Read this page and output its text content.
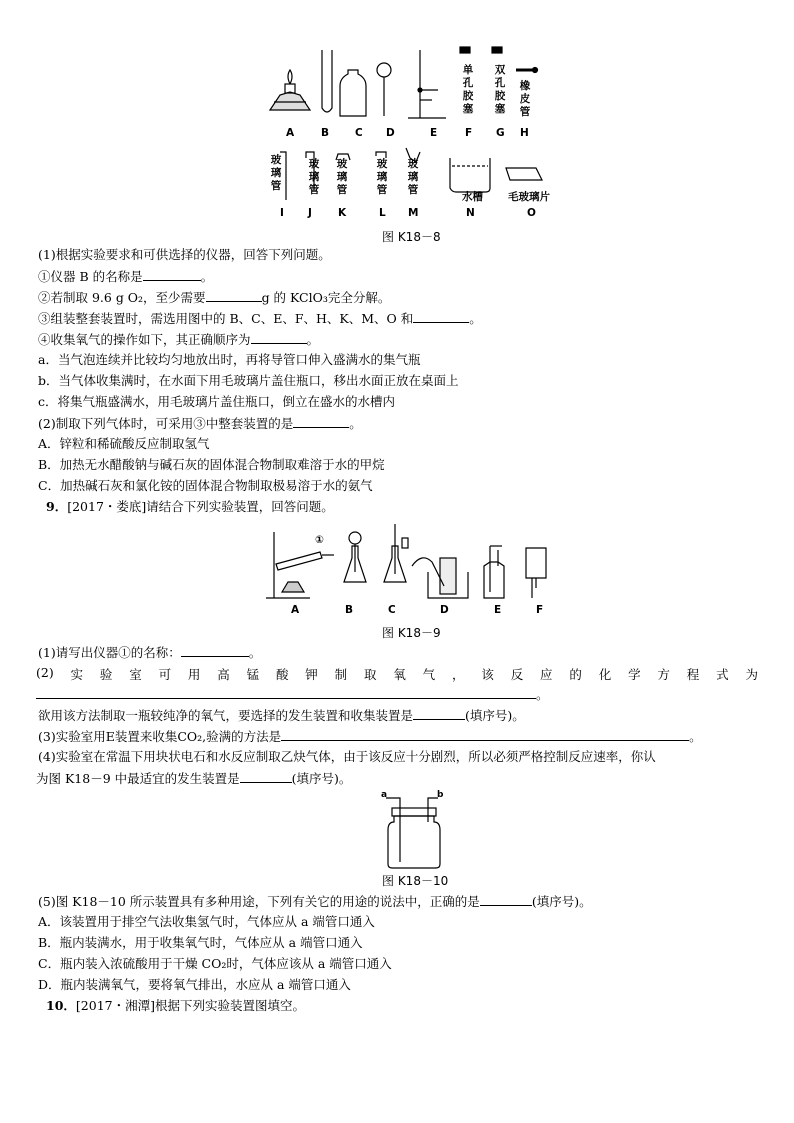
A	B C D	E	F G H
单孔胶塞
双孔胶塞
橡皮管
玻璃管
玻璃管
玻璃管
玻璃管
玻璃管
水槽 毛玻璃片
I J K	L M	N	O
图 K18－8
(1)根据实验要求和可供选择的仪器，回答下列问题。
①仪器 B 的名称是	。
②若制取 9.6 g O₂，至少需要	g 的 KClO₃完全分解。
③组装整套装置时，需选用图中的 B、C、E、F、H、K、M、O 和	。
④收集氧气的操作如下，其正确顺序为	。
a．当气泡连续并比较均匀地放出时，再将导管口伸入盛满水的集气瓶
b．当气体收集满时，在水面下用毛玻璃片盖住瓶口，移出水面正放在桌面上
c．将集气瓶盛满水，用毛玻璃片盖住瓶口，倒立在盛水的水槽内
(2)制取下列气体时，可采用③中整套装置的是	。
A．锌粒和稀硫酸反应制取氢气
B．加热无水醋酸钠与碱石灰的固体混合物制取难溶于水的甲烷
C．加热碱石灰和氯化铵的固体混合物制取极易溶于水的氨气
9．[2017・娄底]请结合下列实验装置，回答问题。
①
A	B	C	D	E	F
图 K18－9
(1)请写出仪器①的名称：	。
(2) 实 验 室 可 用 高 锰 酸 钾 制 取 氧 气 ， 该 反 应 的 化 学 方 程 式 为
。
欲用该方法制取一瓶较纯净的氧气，要选择的发生装置和收集装置是	(填序号)。
(3)实验室用E装置来收集CO₂,验满的方法是	。
(4)实验室在常温下用块状电石和水反应制取乙炔气体，由于该反应十分剧烈，所以必须严格控制反应速率，你认
为图 K18－9 中最适宜的发生装置是	(填序号)。
a	b
图 K18－10
(5)图 K18－10 所示装置具有多种用途，下列有关它的用途的说法中，正确的是	(填序号)。
A．该装置用于排空气法收集氢气时，气体应从 a 端管口通入
B．瓶内装满水，用于收集氧气时，气体应从 a 端管口通入
C．瓶内装入浓硫酸用于干燥 CO₂时，气体应该从 a 端管口通入
D．瓶内装满氧气，要将氧气排出，水应从 a 端管口通入
10．[2017・湘潭]根据下列实验装置图填空。
